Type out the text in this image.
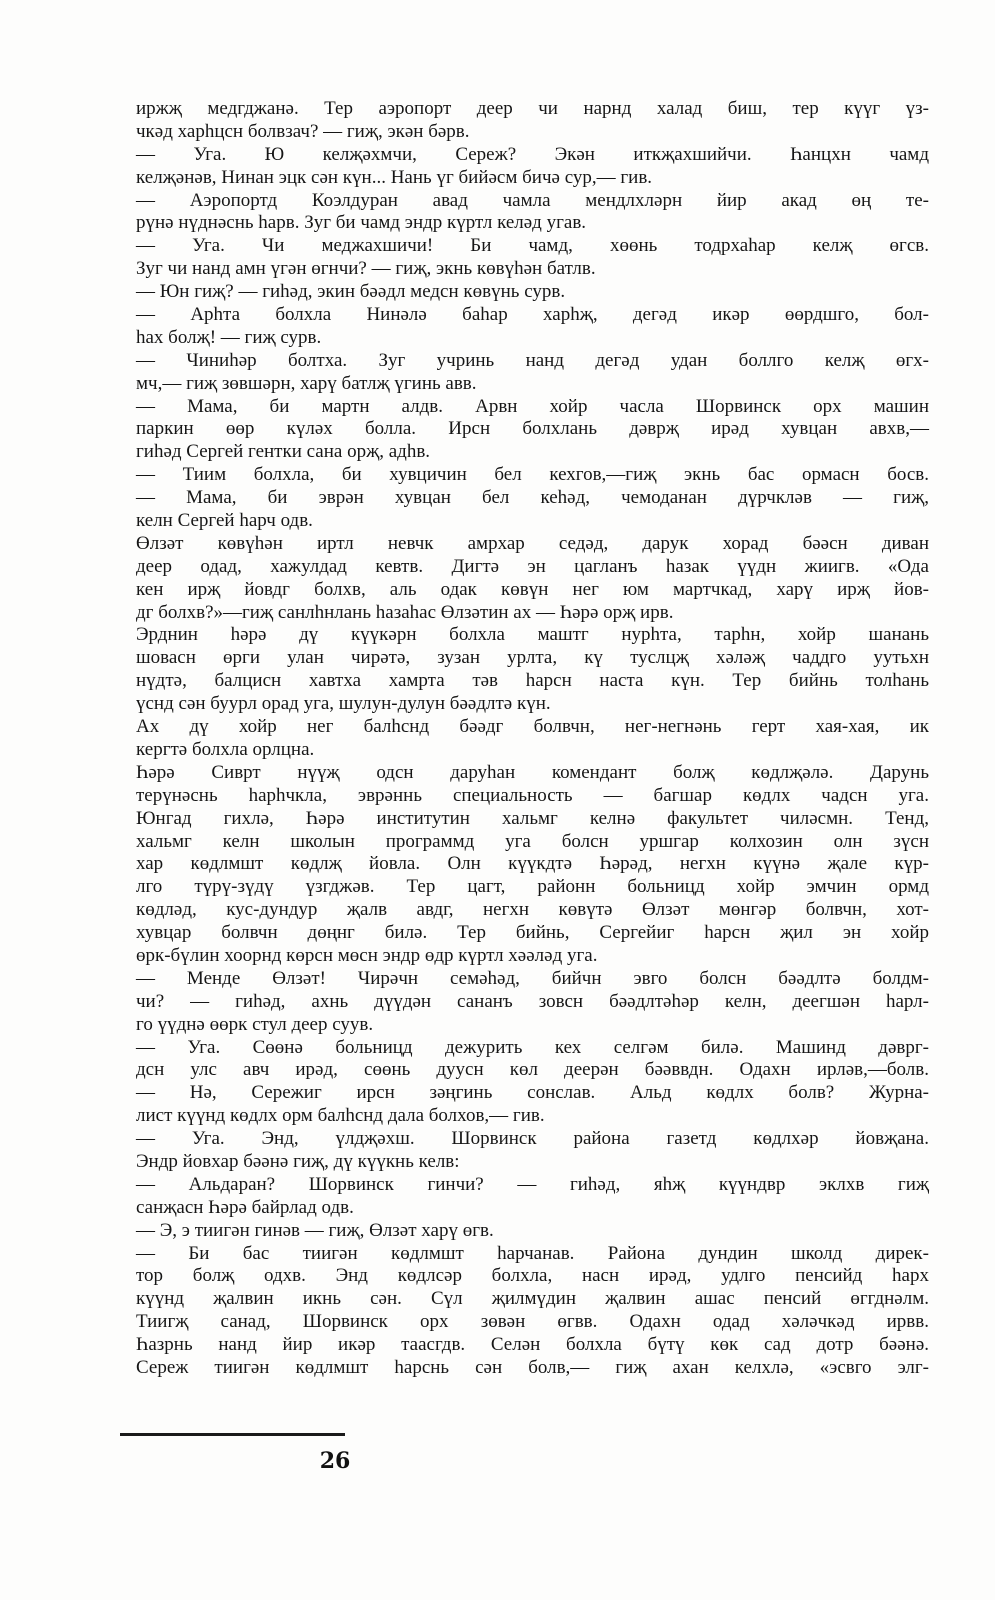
иржҗ медгджанә. Тер аэропорт деер чи нарнд халад биш, тер күүг үз-
чкәд харһцсн болвзач? — гиҗ, экән бәрв.
— Уга. Ю келҗәхмчи, Сереж? Экән иткҗахшийчи. Һанцхн чамд
келҗәнәв, Нинан эцк сән күн... Нань үг бийәсм бичә сур,— гив.
— Аэропортд Коэлдуран авад чамла мендлхләрн йир акад өң те-
рүнә нүднәснь һарв. Зуг би чамд эндр күртл келәд угав.
— Уга. Чи меджахшичи! Би чамд, хөөнь тодрхаһар келҗ өгсв.
Зуг чи нанд амн үгән өгнчи? — гиҗ, экнь көвүһән батлв.
— Юн гиҗ? — гиһәд, экин бәәдл медсн көвүнь сурв.
— Арһта болхла Нинәлә баһар харһҗ, дегәд икәр өөрдшго, бол-
һах болҗ! — гиҗ сурв.
— Чиниһәр болтха. Зуг учринь нанд дегәд удан боллго келҗ өгх-
мч,— гиҗ зөвшәрн, харү батлҗ үгинь авв.
— Мама, би мартн алдв. Арвн хойр часла Шорвинск орх машин
паркин өөр күләх болла. Ирсн болхлань дәврҗ ирәд хувцан авхв,—
гиһәд Сергей гентки сана орҗ, адһв.
— Тиим болхла, би хувцичин бел кехгов,—гиҗ экнь бас ормасн босв.
— Мама, би эврән хувцан бел кеһәд, чемоданан дүрчкләв — гиҗ,
келн Сергей һарч одв.
Өлзәт көвүһән иртл невчк амрхар седәд, дарук хорад бәәсн диван
деер одад, хажулдад кевтв. Дигтә эн цагланъ һазак үүдн жиигв. «Ода
кен ирҗ йовдг болхв, аль одак көвүн нег юм мартчкад, харү ирҗ йов-
дг болхв?»—гиҗ санлһнлань һазаһас Өлзәтин ах — Һәрә орҗ ирв.
Эрднин һәрә дү күүкәрн болхла маштг нурһта, тарһн, хойр шанань
шовасн өрги улан чирәтә, зузан урлта, кү туслцҗ хәләҗ чаддго уутьхн
нүдтә, балцисн хавтха хамрта тәв һарсн наста күн. Тер бийнь толһань
үснд сән буурл орад уга, шулун-дулун бәәдлтә күн.
Ах дү хойр нег балһснд бәәдг болвчн, нег-негнәнь герт хая-хая, ик
кергтә болхла орлцна.
Һәрә Сиврт нүүҗ одсн даруһан комендант болҗ көдлҗәлә. Дарунь
терүнәснь һарһчкла, эврәннь специальность — багшар көдлх чадсн уга.
Юнгад гихлә, Һәрә институтин хальмг келнә факультет чиләсмн. Тенд,
хальмг келн школын программд уга болсн уршгар колхозин олн зүсн
хар көдлмшт көдлҗ йовла. Олн күүкдтә Һәрәд, негхн күүнә җале күр-
лго түрү-зүдү үзгджәв. Тер цагт, районн больницд хойр эмчин ормд
көдләд, кус-дундур җалв авдг, негхн көвүтә Өлзәт мөнгәр болвчн, хот-
хувцар болвчн дөңнг билә. Тер бийнь, Сергейиг һарсн җил эн хойр
өрк-бүлин хоорнд көрсн мөсн эндр өдр күртл хәәләд уга.
— Менде Өлзәт! Чирәчн семәһәд, бийчн эвго болсн бәәдлтә болдм-
чи? — гиһәд, ахнь дүүдән сананъ зовсн бәәдлтәһәр келн, деегшән һарл-
го үүднә өөрк стул деер суув.
— Уга. Сөөнә больницд дежурить кех селгәм билә. Машинд дәврг-
дсн улс авч ирәд, сөөнь дуусн көл деерән бәәввдн. Одахн ирләв,—болв.
— Нә, Сережиг ирсн зәңгинь сонслав. Альд көдлх болв? Журна-
лист күүнд көдлх орм балһснд дала болхов,— гив.
— Уга. Энд, үлдҗәхш. Шорвинск района газетд көдлхәр йовҗана.
Эндр йовхар бәәнә гиҗ, дү күүкнь келв:
— Альдаран? Шорвинск гинчи? — гиһәд, яһҗ күүндвр эклхв гиҗ
санҗасн Һәрә байрлад одв.
— Э, э тиигән гинәв — гиҗ, Өлзәт харү өгв.
— Би бас тиигән көдлмшт һарчанав. Района дундин школд дирек-
тор болҗ одхв. Энд көдлсәр болхла, насн ирәд, удлго пенсийд һарх
күүнд җалвин икнь сән. Сүл җилмүдин җалвин ашас пенсий өггднәлм.
Тиигҗ санад, Шорвинск орх зөвән өгвв. Одахн одад хәләчкәд ирвв.
Һазрнь нанд йир икәр таасгдв. Селән болхла бүтү көк сад дотр бәәнә.
Сереж тиигән көдлмшт һарснь сән болв,— гиҗ ахан келхлә, «эсвго элг-
26
